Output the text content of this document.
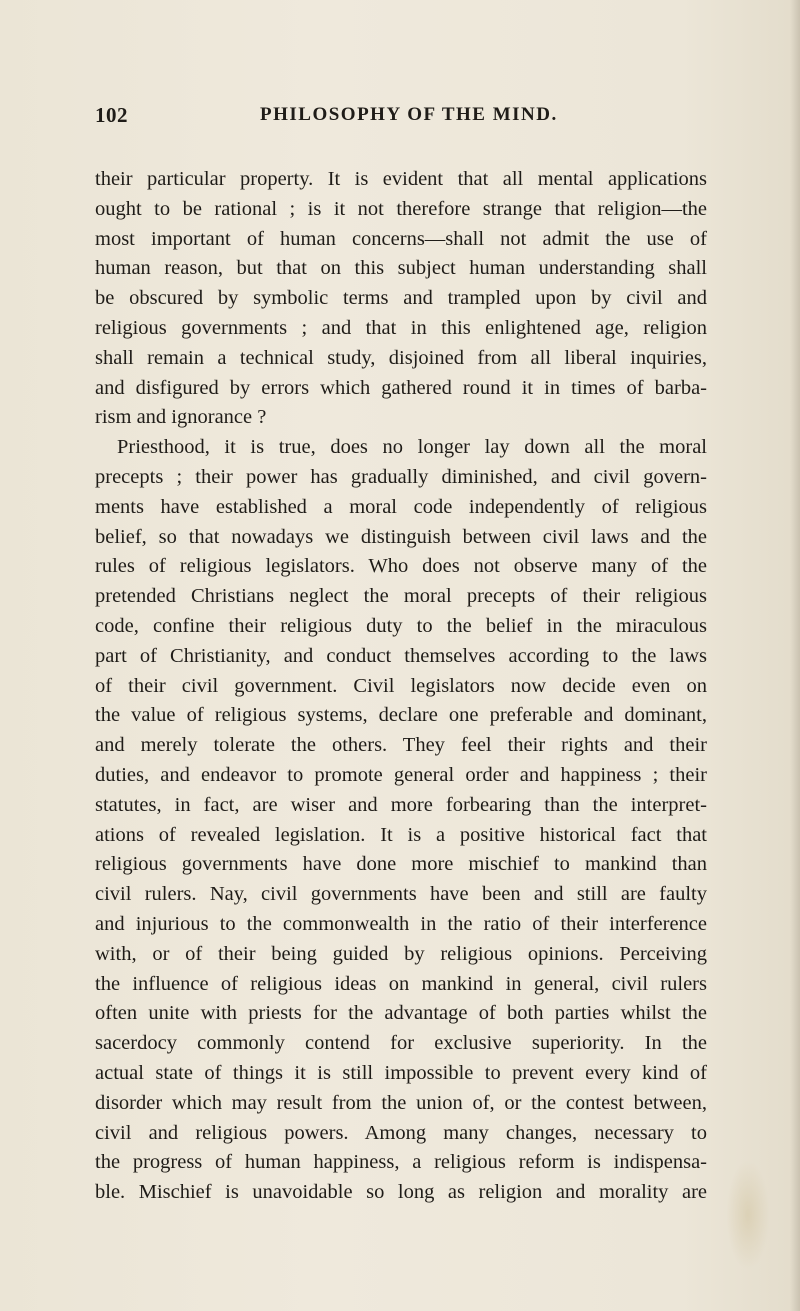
102	PHILOSOPHY OF THE MIND.
their particular property. It is evident that all mental applications
ought to be rational ; is it not therefore strange that religion—the
most important of human concerns—shall not admit the use of
human reason, but that on this subject human understanding shall
be obscured by symbolic terms and trampled upon by civil and
religious governments ; and that in this enlightened age, religion
shall remain a technical study, disjoined from all liberal inquiries,
and disfigured by errors which gathered round it in times of barba-
rism and ignorance ?
Priesthood, it is true, does no longer lay down all the moral
precepts ; their power has gradually diminished, and civil govern-
ments have established a moral code independently of religious
belief, so that nowadays we distinguish between civil laws and the
rules of religious legislators. Who does not observe many of the
pretended Christians neglect the moral precepts of their religious
code, confine their religious duty to the belief in the miraculous
part of Christianity, and conduct themselves according to the laws
of their civil government. Civil legislators now decide even on
the value of religious systems, declare one preferable and dominant,
and merely tolerate the others. They feel their rights and their
duties, and endeavor to promote general order and happiness ; their
statutes, in fact, are wiser and more forbearing than the interpret-
ations of revealed legislation. It is a positive historical fact that
religious governments have done more mischief to mankind than
civil rulers. Nay, civil governments have been and still are faulty
and injurious to the commonwealth in the ratio of their interference
with, or of their being guided by religious opinions. Perceiving
the influence of religious ideas on mankind in general, civil rulers
often unite with priests for the advantage of both parties whilst the
sacerdocy commonly contend for exclusive superiority. In the
actual state of things it is still impossible to prevent every kind of
disorder which may result from the union of, or the contest between,
civil and religious powers. Among many changes, necessary to
the progress of human happiness, a religious reform is indispensa-
ble. Mischief is unavoidable so long as religion and morality are
